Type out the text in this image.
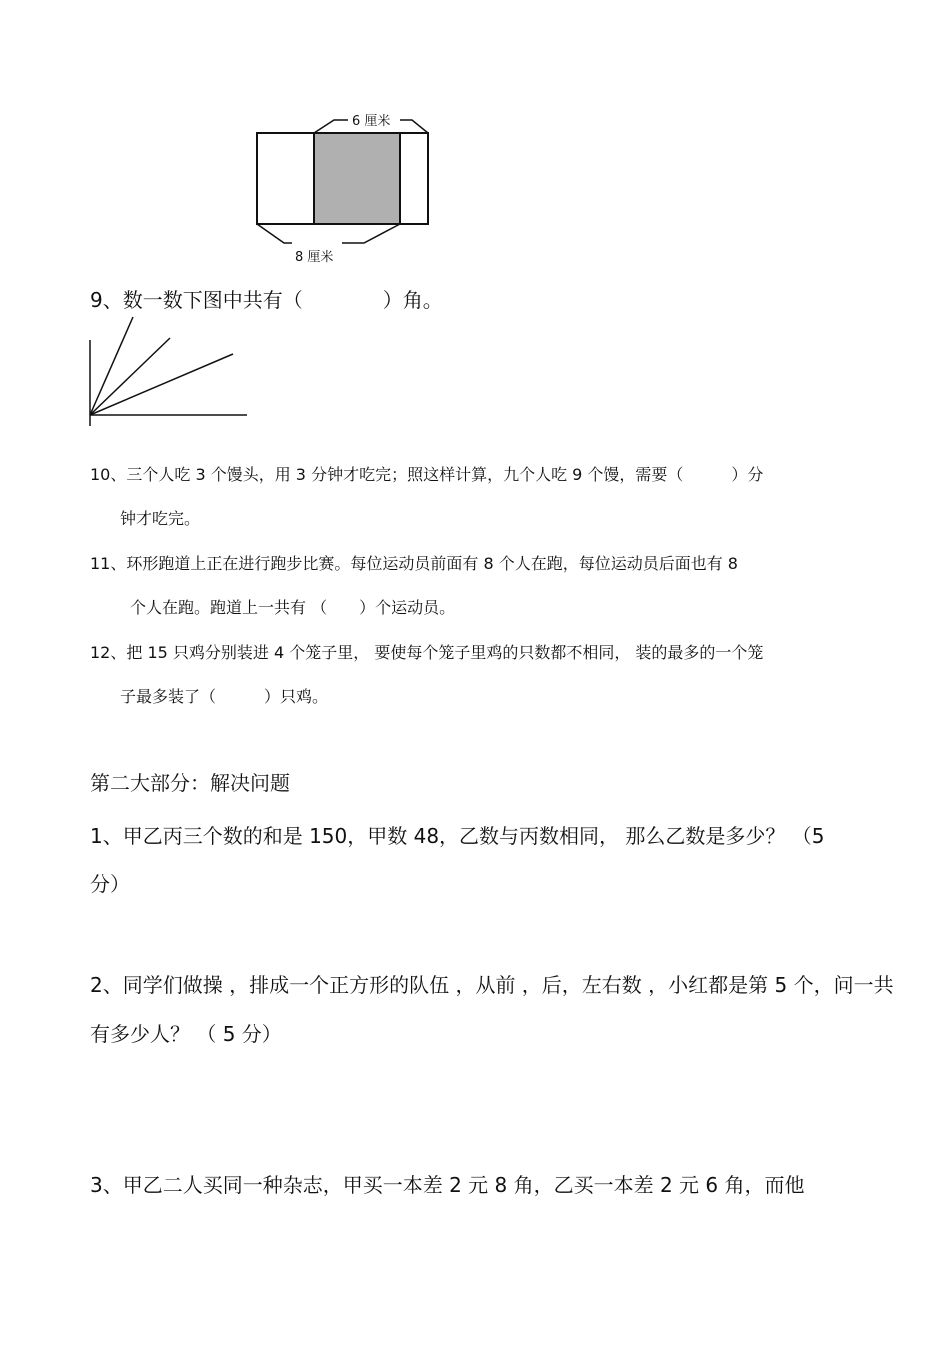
6 厘米
8 厘米
9、数一数下图中共有（　　　　）角。
10、三个人吃 3 个馒头，用 3 分钟才吃完；照这样计算，九个人吃 9 个馒，需要（　　　）分
钟才吃完。
11、环形跑道上正在进行跑步比赛。每位运动员前面有 8 个人在跑，每位运动员后面也有 8
个人在跑。跑道上一共有 （　　）个运动员。
12、把 15 只鸡分别装进 4 个笼子里， 要使每个笼子里鸡的只数都不相同， 装的最多的一个笼
子最多装了（　　　）只鸡。
第二大部分：解决问题
1、甲乙丙三个数的和是 150，甲数 48，乙数与丙数相同， 那么乙数是多少？ （5
分）
2、同学们做操 ，排成一个正方形的队伍 ，从前 ，后，左右数 ，小红都是第 5 个，问一共
有多少人？ （ 5 分）
3、甲乙二人买同一种杂志，甲买一本差 2 元 8 角，乙买一本差 2 元 6 角，而他
